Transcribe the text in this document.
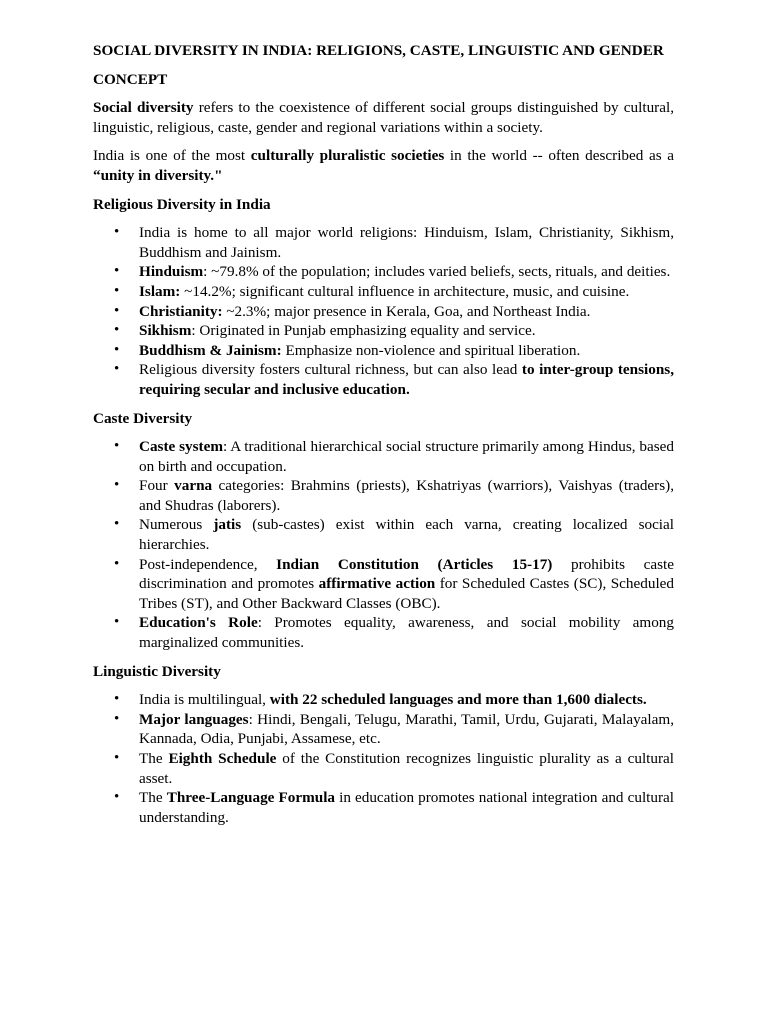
SOCIAL DIVERSITY IN INDIA: RELIGIONS, CASTE, LINGUISTIC AND GENDER
CONCEPT
Social diversity refers to the coexistence of different social groups distinguished by cultural, linguistic, religious, caste, gender and regional variations within a society.
India is one of the most culturally pluralistic societies in the world -- often described as a “unity in diversity."
Religious Diversity in India
• India is home to all major world religions: Hinduism, Islam, Christianity, Sikhism, Buddhism and Jainism.
• Hinduism: ~79.8% of the population; includes varied beliefs, sects, rituals, and deities.
• Islam: ~14.2%; significant cultural influence in architecture, music, and cuisine.
• Christianity: ~2.3%; major presence in Kerala, Goa, and Northeast India.
• Sikhism: Originated in Punjab emphasizing equality and service.
• Buddhism & Jainism: Emphasize non-violence and spiritual liberation.
• Religious diversity fosters cultural richness, but can also lead to inter-group tensions, requiring secular and inclusive education.
Caste Diversity
• Caste system: A traditional hierarchical social structure primarily among Hindus, based on birth and occupation.
• Four varna categories: Brahmins (priests), Kshatriyas (warriors), Vaishyas (traders), and Shudras (laborers).
• Numerous jatis (sub-castes) exist within each varna, creating localized social hierarchies.
• Post-independence, Indian Constitution (Articles 15-17) prohibits caste discrimination and promotes affirmative action for Scheduled Castes (SC), Scheduled Tribes (ST), and Other Backward Classes (OBC).
• Education's Role: Promotes equality, awareness, and social mobility among marginalized communities.
Linguistic Diversity
• India is multilingual, with 22 scheduled languages and more than 1,600 dialects.
• Major languages: Hindi, Bengali, Telugu, Marathi, Tamil, Urdu, Gujarati, Malayalam, Kannada, Odia, Punjabi, Assamese, etc.
• The Eighth Schedule of the Constitution recognizes linguistic plurality as a cultural asset.
• The Three-Language Formula in education promotes national integration and cultural understanding.
